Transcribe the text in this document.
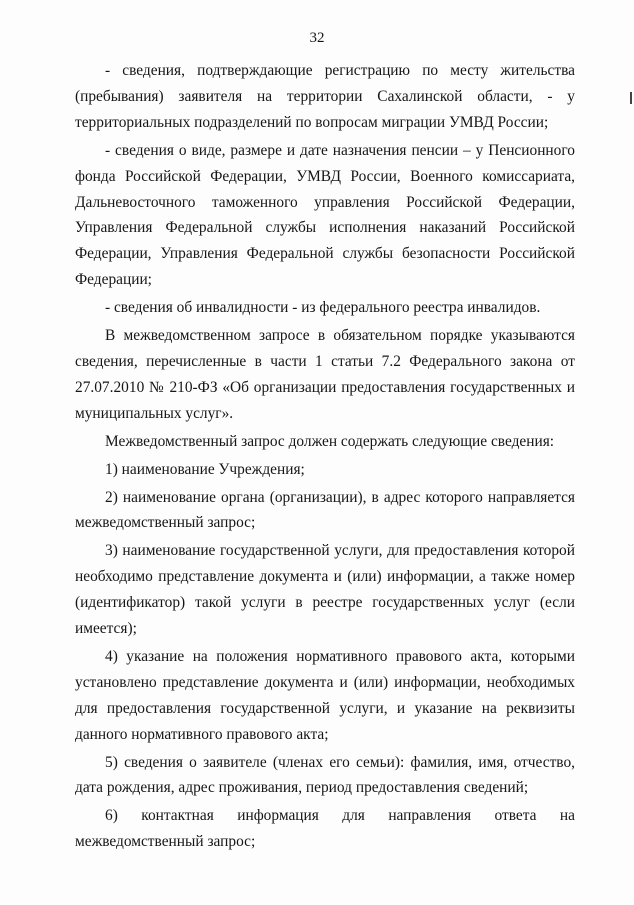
32

- сведения, подтверждающие регистрацию по месту жительства (пребывания) заявителя на территории Сахалинской области, - у территориальных подразделений по вопросам миграции УМВД России;

- сведения о виде, размере и дате назначения пенсии – у Пенсионного фонда Российской Федерации, УМВД России, Военного комиссариата, Дальневосточного таможенного управления Российской Федерации, Управления Федеральной службы исполнения наказаний Российской Федерации, Управления Федеральной службы безопасности Российской Федерации;

- сведения об инвалидности - из федерального реестра инвалидов.

В межведомственном запросе в обязательном порядке указываются сведения, перечисленные в части 1 статьи 7.2 Федерального закона от 27.07.2010 № 210-ФЗ «Об организации предоставления государственных и муниципальных услуг».

Межведомственный запрос должен содержать следующие сведения:

1) наименование Учреждения;

2) наименование органа (организации), в адрес которого направляется межведомственный запрос;

3) наименование государственной услуги, для предоставления которой необходимо представление документа и (или) информации, а также номер (идентификатор) такой услуги в реестре государственных услуг (если имеется);

4) указание на положения нормативного правового акта, которыми установлено представление документа и (или) информации, необходимых для предоставления государственной услуги, и указание на реквизиты данного нормативного правового акта;

5) сведения о заявителе (членах его семьи): фамилия, имя, отчество, дата рождения, адрес проживания, период предоставления сведений;

6) контактная информация для направления ответа на межведомственный запрос;
